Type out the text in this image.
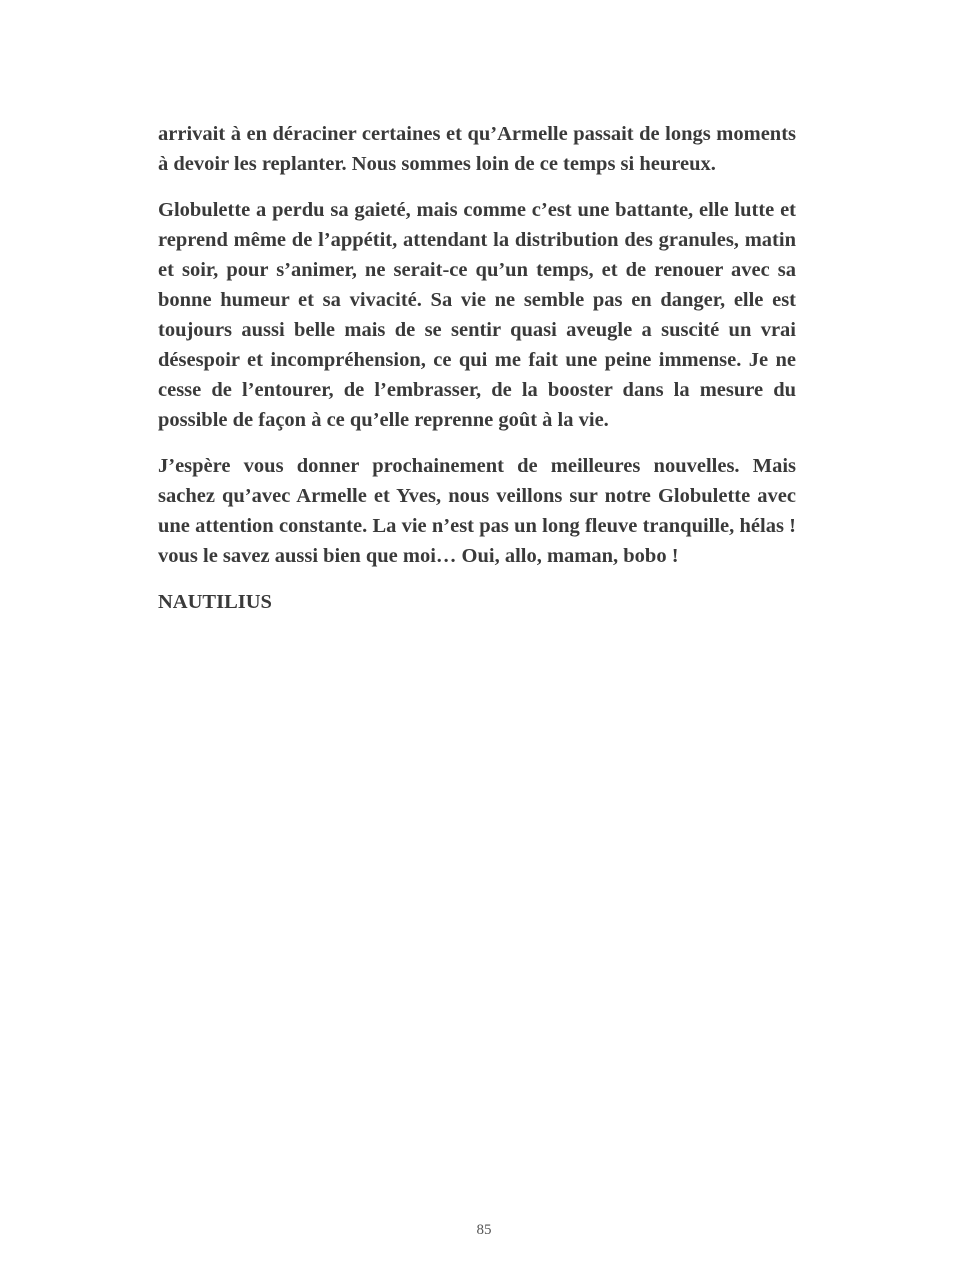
arrivait à en déraciner certaines et qu’Armelle passait de longs moments à devoir les replanter. Nous sommes loin de ce temps si heureux.

Globulette a perdu sa gaieté, mais comme c’est une battante, elle lutte et reprend même de l’appétit, attendant la distribution des granules, matin et soir, pour s’animer, ne serait-ce qu’un temps, et de renouer avec sa bonne humeur et sa vivacité. Sa vie ne semble pas en danger, elle est toujours aussi belle mais de se sentir quasi aveugle a suscité un vrai désespoir et incompréhension, ce qui me fait une peine immense. Je ne cesse de l’entourer, de l’embrasser, de la booster dans la mesure du possible de façon à ce qu’elle reprenne goût à la vie.

J’espère vous donner prochainement de meilleures nouvelles. Mais sachez qu’avec Armelle et Yves, nous veillons sur notre Globulette avec une attention constante. La vie n’est pas un long fleuve tranquille, hélas ! vous le savez aussi bien que moi… Oui, allo, maman, bobo !

NAUTILIUS

85
